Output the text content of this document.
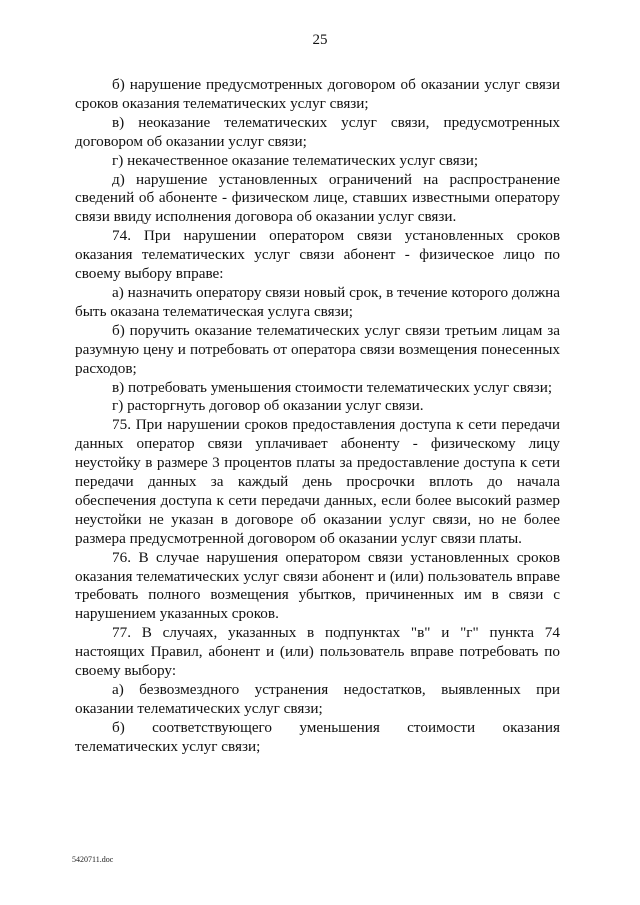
25

б) нарушение предусмотренных договором об оказании услуг связи сроков оказания телематических услуг связи;

в) неоказание телематических услуг связи, предусмотренных договором об оказании услуг связи;

г) некачественное оказание телематических услуг связи;

д) нарушение установленных ограничений на распространение сведений об абоненте - физическом лице, ставших известными оператору связи ввиду исполнения договора об оказании услуг связи.

74. При нарушении оператором связи установленных сроков оказания телематических услуг связи абонент - физическое лицо по своему выбору вправе:

а) назначить оператору связи новый срок, в течение которого должна быть оказана телематическая услуга связи;

б) поручить оказание телематических услуг связи третьим лицам за разумную цену и потребовать от оператора связи возмещения понесенных расходов;

в) потребовать уменьшения стоимости телематических услуг связи;

г) расторгнуть договор об оказании услуг связи.

75. При нарушении сроков предоставления доступа к сети передачи данных оператор связи уплачивает абоненту - физическому лицу неустойку в размере 3 процентов платы за предоставление доступа к сети передачи данных за каждый день просрочки вплоть до начала обеспечения доступа к сети передачи данных, если более высокий размер неустойки не указан в договоре об оказании услуг связи, но не более размера предусмотренной договором об оказании услуг связи платы.

76. В случае нарушения оператором связи установленных сроков оказания телематических услуг связи абонент и (или) пользователь вправе требовать полного возмещения убытков, причиненных им в связи с нарушением указанных сроков.

77. В случаях, указанных в подпунктах "в" и "г" пункта 74 настоящих Правил, абонент и (или) пользователь вправе потребовать по своему выбору:

а) безвозмездного устранения недостатков, выявленных при оказании телематических услуг связи;

б) соответствующего уменьшения стоимости оказания телематических услуг связи;

5420711.doc
